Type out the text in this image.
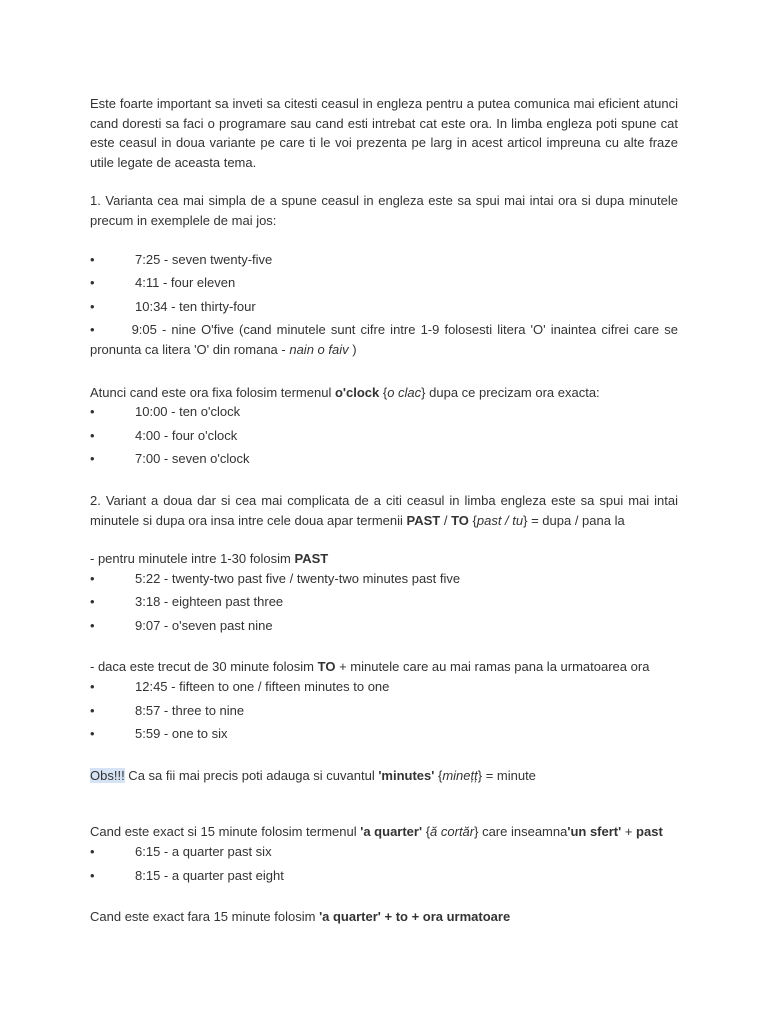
Este foarte important sa inveti sa citesti ceasul in engleza pentru a putea comunica mai eficient atunci cand doresti sa faci o programare sau cand esti intrebat cat este ora. In limba engleza poti spune cat este ceasul in doua variante pe care ti le voi prezenta pe larg in acest articol impreuna cu alte fraze utile legate de aceasta tema.

1. Varianta cea mai simpla de a spune ceasul in engleza este sa spui mai intai ora si dupa minutele precum in exemplele de mai jos:

•	7:25 - seven twenty-five
•	4:11 - four eleven
•	10:34 - ten thirty-four

•	9:05 - nine O'five (cand minutele sunt cifre intre 1-9 folosesti litera 'O' inaintea cifrei care se pronunta ca litera 'O' din romana - nain o faiv )

Atunci cand este ora fixa folosim termenul o'clock {o clac} dupa ce precizam ora exacta:

•	10:00 - ten o'clock
•	4:00 - four o'clock
•	7:00 - seven o'clock

2. Variant a doua dar si cea mai complicata de a citi ceasul in limba engleza este sa spui mai intai minutele si dupa ora insa intre cele doua apar termenii PAST / TO {past / tu} = dupa / pana la

- pentru minutele intre 1-30 folosim PAST

•	5:22 - twenty-two past five / twenty-two minutes past five
•	3:18 - eighteen past three
•	9:07 - o'seven past nine

- daca este trecut de 30 minute folosim TO + minutele care au mai ramas pana la urmatoarea ora

•	12:45 - fifteen to one / fifteen minutes to one
•	8:57 - three to nine
•	5:59 - one to six

Obs!!! Ca sa fii mai precis poti adauga si cuvantul 'minutes' {minețț} = minute

Cand este exact si 15 minute folosim termenul 'a quarter' {ă cortăr} care inseamna'un sfert' + past

•	6:15 - a quarter past six
•	8:15 - a quarter past eight

Cand este exact fara 15 minute folosim 'a quarter' + to + ora urmatoare
